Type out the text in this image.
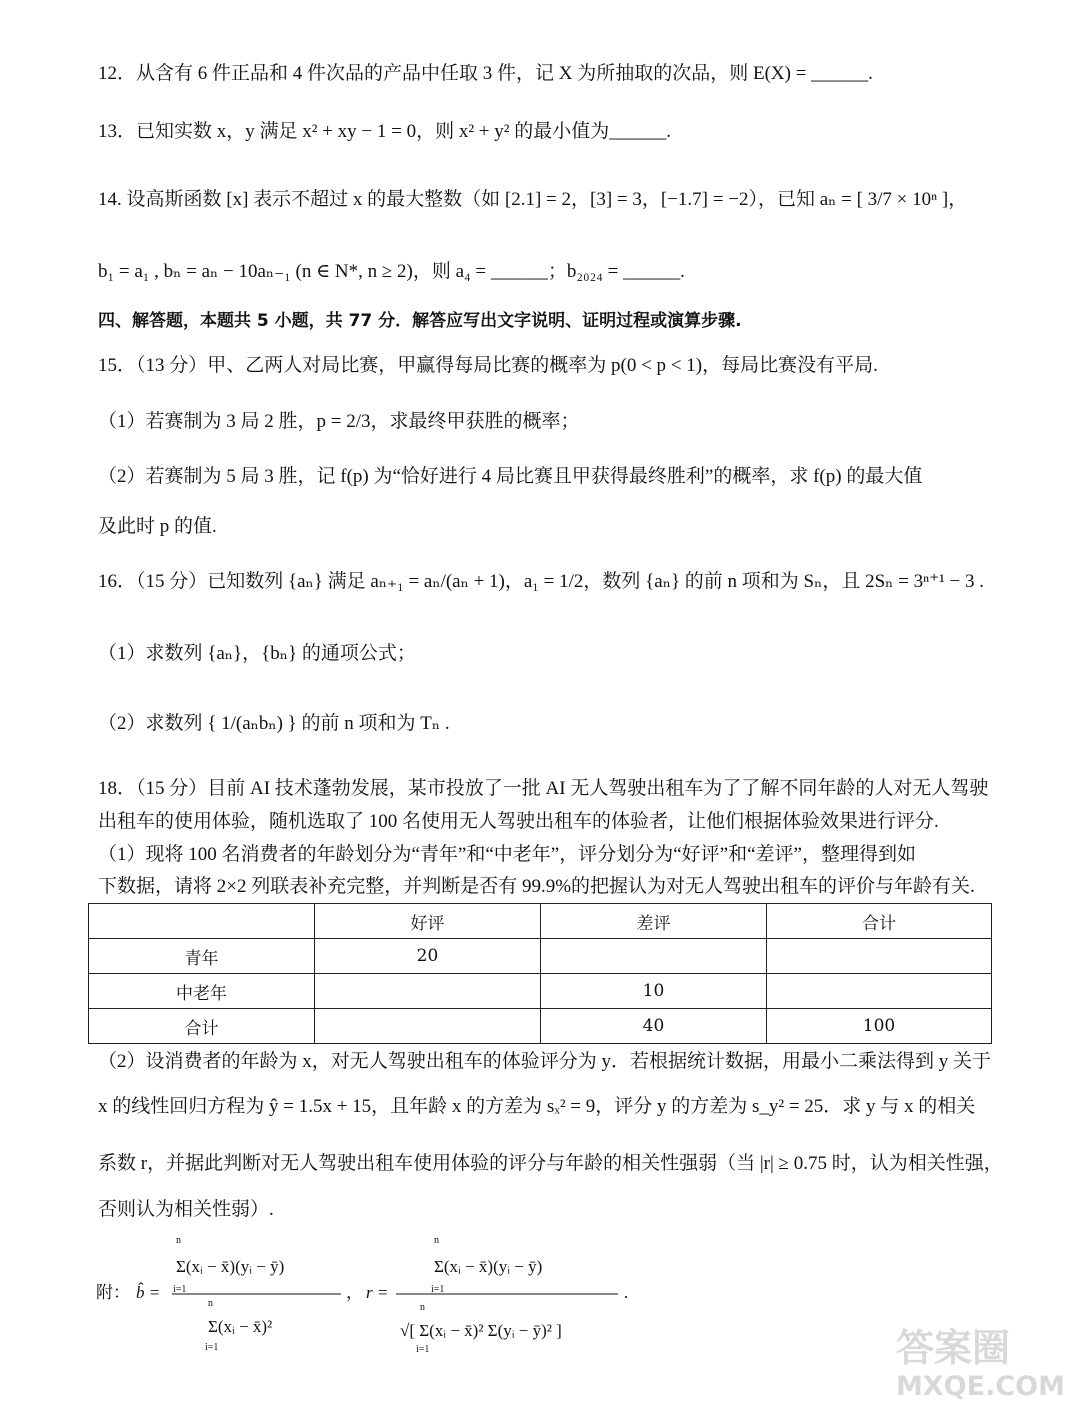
12．从含有 6 件正品和 4 件次品的产品中任取 3 件，记 X 为所抽取的次品，则 E(X) = ______.
13．已知实数 x，y 满足 x² + xy − 1 = 0，则 x² + y² 的最小值为______.
14. 设高斯函数 [x] 表示不超过 x 的最大整数（如 [2.1] = 2，[3] = 3，[−1.7] = −2），已知 aₙ = [ 3/7 × 10ⁿ ]，
b₁ = a₁ , bₙ = aₙ − 10aₙ₋₁ (n ∈ N*, n ≥ 2)，则 a₄ = ______；b₂₀₂₄ = ______.
四、解答题，本题共 5 小题，共 77 分．解答应写出文字说明、证明过程或演算步骤.
15．（13 分）甲、乙两人对局比赛，甲赢得每局比赛的概率为 p(0 < p < 1)，每局比赛没有平局.
（1）若赛制为 3 局 2 胜，p = 2/3，求最终甲获胜的概率；
（2）若赛制为 5 局 3 胜，记 f(p) 为“恰好进行 4 局比赛且甲获得最终胜利”的概率，求 f(p) 的最大值
及此时 p 的值.
16．（15 分）已知数列 {aₙ} 满足 aₙ₊₁ = aₙ/(aₙ + 1)，a₁ = 1/2，数列 {aₙ} 的前 n 项和为 Sₙ，且 2Sₙ = 3ⁿ⁺¹ − 3 .
（1）求数列 {aₙ}，{bₙ} 的通项公式；
（2）求数列 { 1/(aₙbₙ) } 的前 n 项和为 Tₙ .
18．（15 分）目前 AI 技术蓬勃发展，某市投放了一批 AI 无人驾驶出租车为了了解不同年龄的人对无人驾驶
出租车的使用体验，随机选取了 100 名使用无人驾驶出租车的体验者，让他们根据体验效果进行评分.
（1）现将 100 名消费者的年龄划分为“青年”和“中老年”，评分划分为“好评”和“差评”，整理得到如
下数据，请将 2×2 列联表补充完整，并判断是否有 99.9%的把握认为对无人驾驶出租车的评价与年龄有关.
	好评	差评	合计
青年	20		
中老年		10	
合计		40	100
（2）设消费者的年龄为 x，对无人驾驶出租车的体验评分为 y．若根据统计数据，用最小二乘法得到 y 关于
x 的线性回归方程为 ŷ = 1.5x + 15，且年龄 x 的方差为 sₓ² = 9，评分 y 的方差为 s_y² = 25．求 y 与 x 的相关
系数 r，并据此判断对无人驾驶出租车使用体验的评分与年龄的相关性强弱（当 |r| ≥ 0.75 时，认为相关性强，
否则认为相关性弱）.
附： b̂ =
n
i=1
Σ(xᵢ − x̄)(yᵢ − ȳ)
n
i=1
Σ(xᵢ − x̄)²
， r =
n
i=1
Σ(xᵢ − x̄)(yᵢ − ȳ)
n
i=1
√[ Σ(xᵢ − x̄)² Σ(yᵢ − ȳ)² ]
.
答案圈
MXQE.COM
